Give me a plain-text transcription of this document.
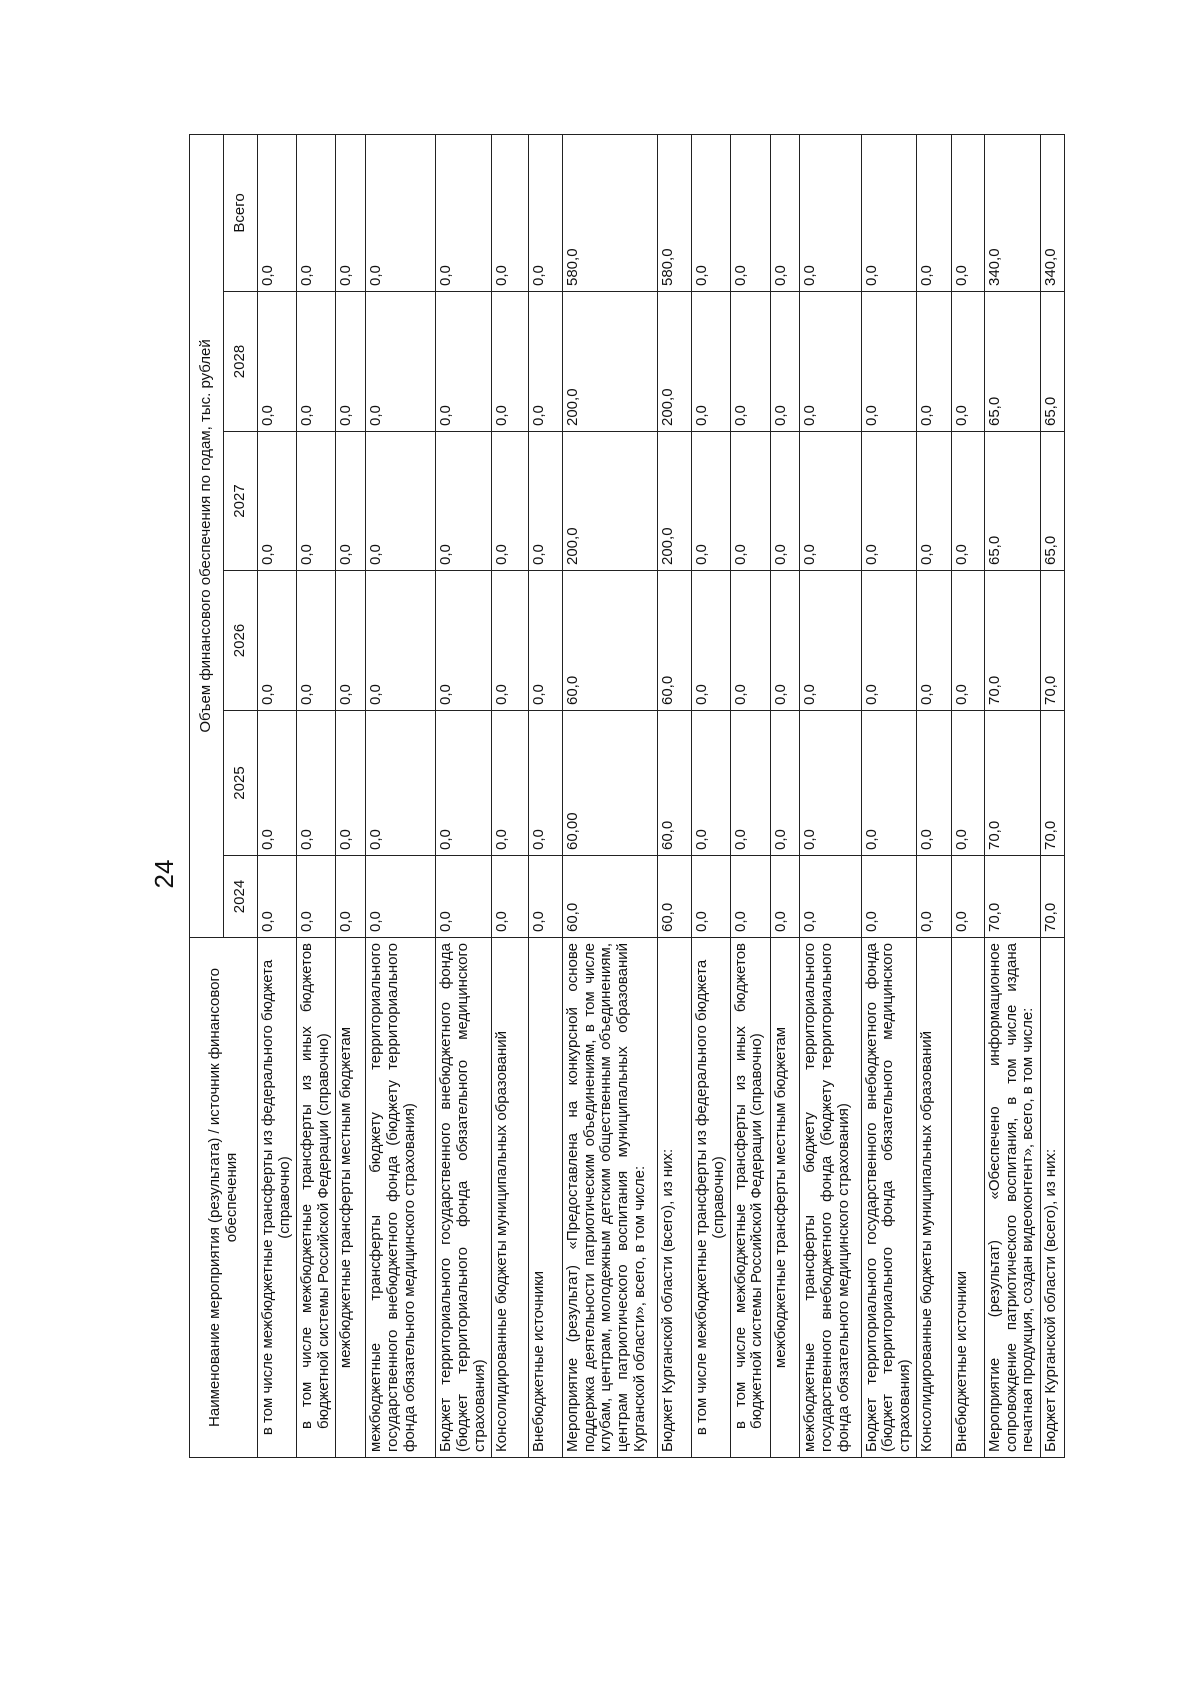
24
Наименование мероприятия (результата) / источник финансового обеспечения	Объем финансового обеспечения по годам, тыс. рублей					
	2024	2025	2026	2027	2028	Всего
в том числе межбюджетные трансферты из федерального бюджета (справочно)	0,0	0,0	0,0	0,0	0,0	0,0
в том числе межбюджетные трансферты из иных бюджетов бюджетной системы Российской Федерации (справочно)	0,0	0,0	0,0	0,0	0,0	0,0
межбюджетные трансферты местным бюджетам	0,0	0,0	0,0	0,0	0,0	0,0
межбюджетные трансферты бюджету территориального государственного внебюджетного фонда (бюджету территориального фонда обязательного медицинского страхования)	0,0	0,0	0,0	0,0	0,0	0,0
Бюджет территориального государственного внебюджетного фонда (бюджет территориального фонда обязательного медицинского страхования)	0,0	0,0	0,0	0,0	0,0	0,0
Консолидированные бюджеты муниципальных образований	0,0	0,0	0,0	0,0	0,0	0,0
Внебюджетные источники	0,0	0,0	0,0	0,0	0,0	0,0
Мероприятие (результат) «Предоставлена на конкурсной основе поддержка деятельности патриотическим объединениям, в том числе клубам, центрам, молодежным детским общественным объединениям, центрам патриотического воспитания муниципальных образований Курганской области», всего, в том числе:	60,0	60,00	60,0	200,0	200,0	580,0
Бюджет Курганской области (всего), из них:	60,0	60,0	60,0	200,0	200,0	580,0
в том числе межбюджетные трансферты из федерального бюджета (справочно)	0,0	0,0	0,0	0,0	0,0	0,0
в том числе межбюджетные трансферты из иных бюджетов бюджетной системы Российской Федерации (справочно)	0,0	0,0	0,0	0,0	0,0	0,0
межбюджетные трансферты местным бюджетам	0,0	0,0	0,0	0,0	0,0	0,0
межбюджетные трансферты бюджету территориального государственного внебюджетного фонда (бюджету территориального фонда обязательного медицинского страхования)	0,0	0,0	0,0	0,0	0,0	0,0
Бюджет территориального государственного внебюджетного фонда (бюджет территориального фонда обязательного медицинского страхования)	0,0	0,0	0,0	0,0	0,0	0,0
Консолидированные бюджеты муниципальных образований	0,0	0,0	0,0	0,0	0,0	0,0
Внебюджетные источники	0,0	0,0	0,0	0,0	0,0	0,0
Мероприятие (результат) «Обеспечено информационное сопровождение патриотического воспитания, в том числе издана печатная продукция, создан видеоконтент», всего, в том числе:	70,0	70,0	70,0	65,0	65,0	340,0
Бюджет Курганской области (всего), из них:	70,0	70,0	70,0	65,0	65,0	340,0
